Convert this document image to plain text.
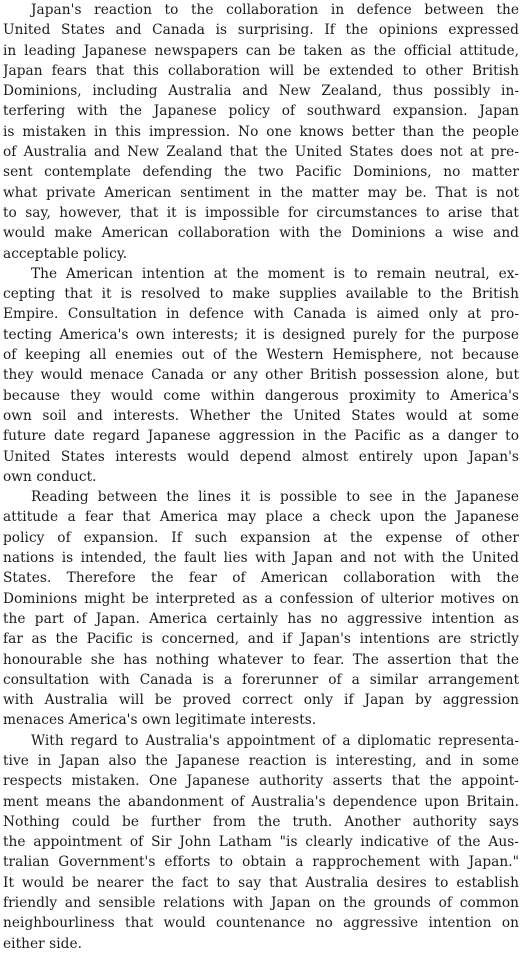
Japan's reaction to the collaboration in defence between the
United States and Canada is surprising. If the opinions expressed
in leading Japanese newspapers can be taken as the official attitude,
Japan fears that this collaboration will be extended to other British
Dominions, including Australia and New Zealand, thus possibly in-
terfering with the Japanese policy of southward expansion. Japan
is mistaken in this impression. No one knows better than the people
of Australia and New Zealand that the United States does not at pre-
sent contemplate defending the two Pacific Dominions, no matter
what private American sentiment in the matter may be. That is not
to say, however, that it is impossible for circumstances to arise that
would make American collaboration with the Dominions a wise and
acceptable policy.
The American intention at the moment is to remain neutral, ex-
cepting that it is resolved to make supplies available to the British
Empire. Consultation in defence with Canada is aimed only at pro-
tecting America's own interests; it is designed purely for the purpose
of keeping all enemies out of the Western Hemisphere, not because
they would menace Canada or any other British possession alone, but
because they would come within dangerous proximity to America's
own soil and interests. Whether the United States would at some
future date regard Japanese aggression in the Pacific as a danger to
United States interests would depend almost entirely upon Japan's
own conduct.
Reading between the lines it is possible to see in the Japanese
attitude a fear that America may place a check upon the Japanese
policy of expansion. If such expansion at the expense of other
nations is intended, the fault lies with Japan and not with the United
States. Therefore the fear of American collaboration with the
Dominions might be interpreted as a confession of ulterior motives on
the part of Japan. America certainly has no aggressive intention as
far as the Pacific is concerned, and if Japan's intentions are strictly
honourable she has nothing whatever to fear. The assertion that the
consultation with Canada is a forerunner of a similar arrangement
with Australia will be proved correct only if Japan by aggression
menaces America's own legitimate interests.
With regard to Australia's appointment of a diplomatic representa-
tive in Japan also the Japanese reaction is interesting, and in some
respects mistaken. One Japanese authority asserts that the appoint-
ment means the abandonment of Australia's dependence upon Britain.
Nothing could be further from the truth. Another authority says
the appointment of Sir John Latham "is clearly indicative of the Aus-
tralian Government's efforts to obtain a rapprochement with Japan."
It would be nearer the fact to say that Australia desires to establish
friendly and sensible relations with Japan on the grounds of common
neighbourliness that would countenance no aggressive intention on
either side.
